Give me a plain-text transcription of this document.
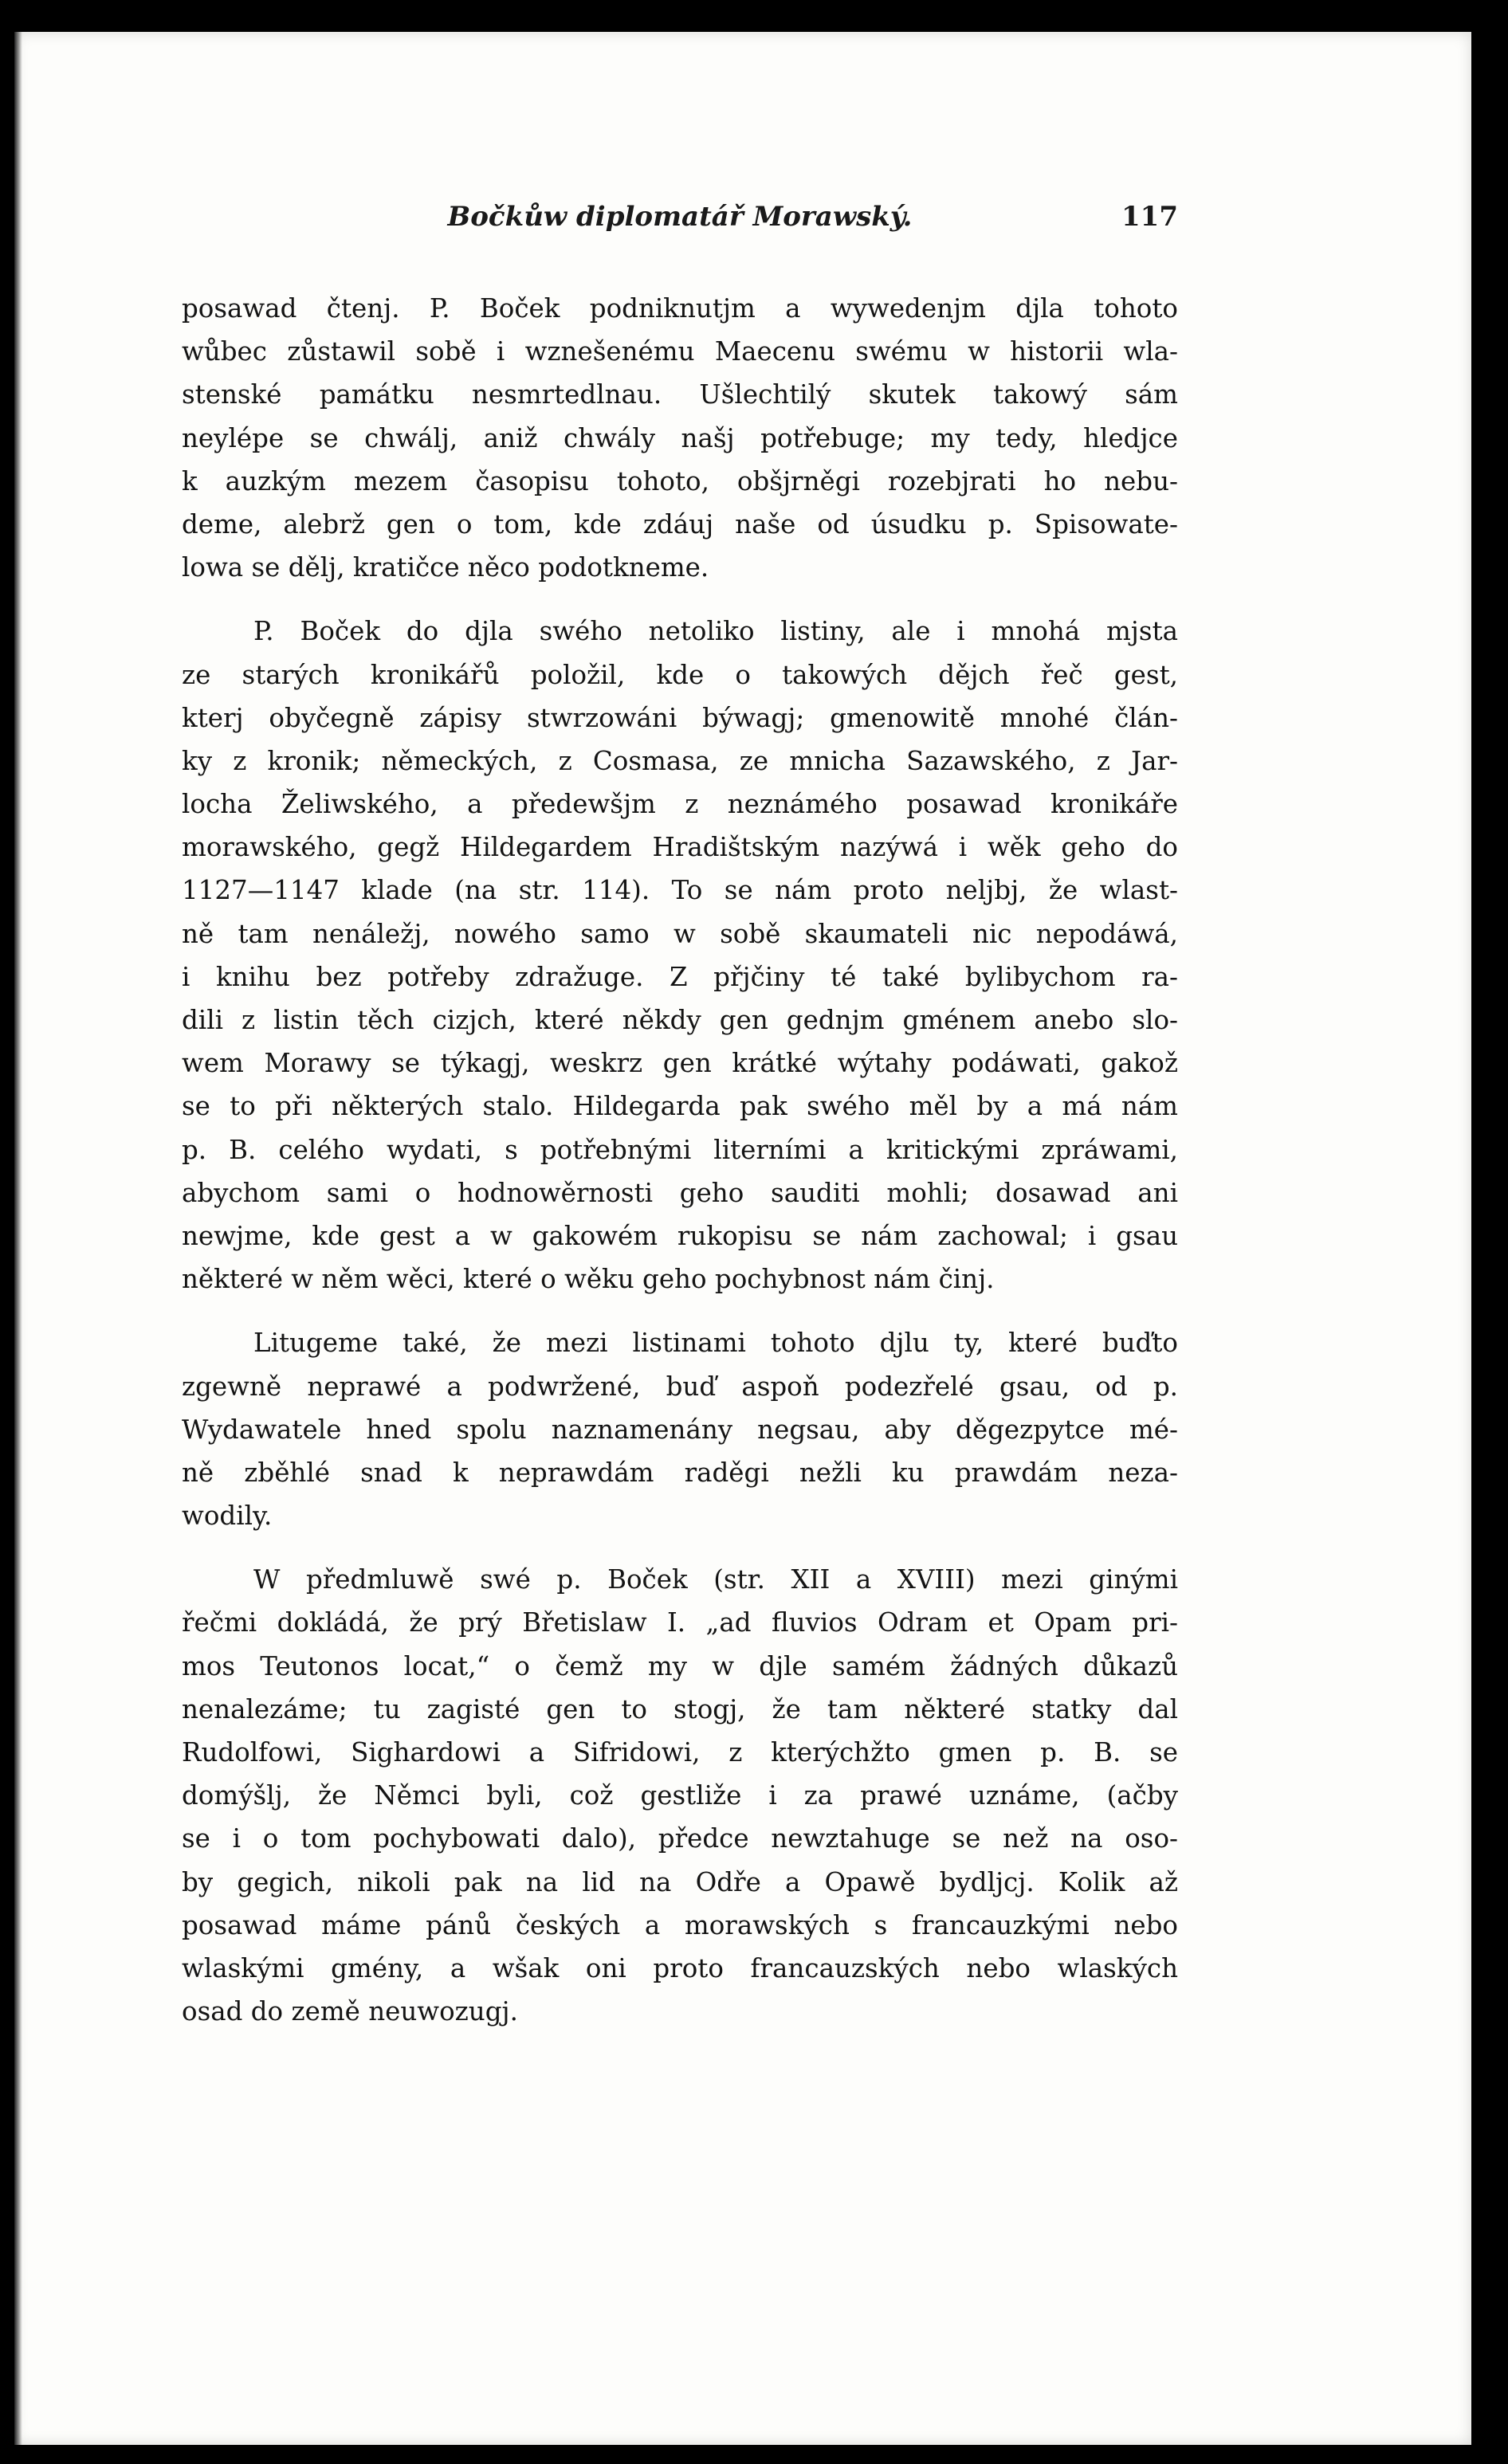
Bočkůw diplomatář Morawský.	117
posawad čtenj. P. Boček podniknutjm a wywedenjm djla tohoto
wůbec zůstawil sobě i wznešenému Maecenu swému w historii wla-
stenské památku nesmrtedlnau. Ušlechtilý skutek takowý sám
neylépe se chwálj, aniž chwály našj potřebuge; my tedy, hledjce
k auzkým mezem časopisu tohoto, obšjrněgi rozebjrati ho nebu-
deme, alebrž gen o tom, kde zdáuj naše od úsudku p. Spisowate-
lowa se dělj, kratičce něco podotkneme.
P. Boček do djla swého netoliko listiny, ale i mnohá mjsta
ze starých kronikářů položil, kde o takowých dějch řeč gest,
kterj obyčegně zápisy stwrzowáni býwagj; gmenowitě mnohé člán-
ky z kronik; německých, z Cosmasa, ze mnicha Sazawského, z Jar-
locha Želiwského, a předewšjm z neznámého posawad kronikáře
morawského, gegž Hildegardem Hradištským nazýwá i wěk geho do
1127—1147 klade (na str. 114). To se nám proto neljbj, že wlast-
ně tam nenáležj, nowého samo w sobě skaumateli nic nepodáwá,
i knihu bez potřeby zdražuge. Z přjčiny té také bylibychom ra-
dili z listin těch cizjch, které někdy gen gednjm gménem anebo slo-
wem Morawy se týkagj, weskrz gen krátké wýtahy podáwati, gakož
se to při některých stalo. Hildegarda pak swého měl by a má nám
p. B. celého wydati, s potřebnými literními a kritickými zpráwami,
abychom sami o hodnowěrnosti geho sauditi mohli; dosawad ani
newjme, kde gest a w gakowém rukopisu se nám zachowal; i gsau
některé w něm wěci, které o wěku geho pochybnost nám činj.
Litugeme také, že mezi listinami tohoto djlu ty, které buďto
zgewně neprawé a podwržené, buď aspoň podezřelé gsau, od p.
Wydawatele hned spolu naznamenány negsau, aby děgezpytce mé-
ně zběhlé snad k neprawdám raděgi nežli ku prawdám neza-
wodily.
W předmluwě swé p. Boček (str. XII a XVIII) mezi ginými
řečmi dokládá, že prý Břetislaw I. „ad fluvios Odram et Opam pri-
mos Teutonos locat,“ o čemž my w djle samém žádných důkazů
nenalezáme; tu zagisté gen to stogj, že tam některé statky dal
Rudolfowi, Sighardowi a Sifridowi, z kterýchžto gmen p. B. se
domýšlj, že Němci byli, což gestliže i za prawé uznáme, (ačby
se i o tom pochybowati dalo), předce newztahuge se než na oso-
by gegich, nikoli pak na lid na Odře a Opawě bydljcj. Kolik až
posawad máme pánů českých a morawských s francauzkými nebo
wlaskými gmény, a wšak oni proto francauzských nebo wlaských
osad do země neuwozugj.
